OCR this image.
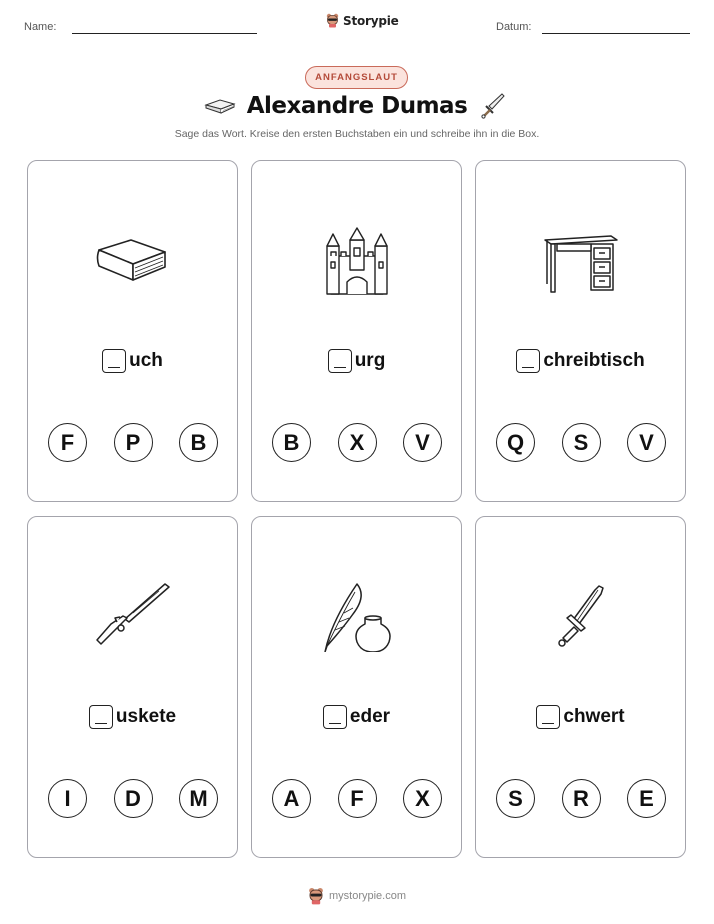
Name:	Storypie	Datum:
ANFANGSLAUT
Alexandre Dumas
Sage das Wort. Kreise den ersten Buchstaben ein und schreibe ihn in die Box.
uch
F	P	B
urg
B	X	V
chreibtisch
Q	S	V
uskete
I	D	M
eder
A	F	X
chwert
S	R	E
mystorypie.com
